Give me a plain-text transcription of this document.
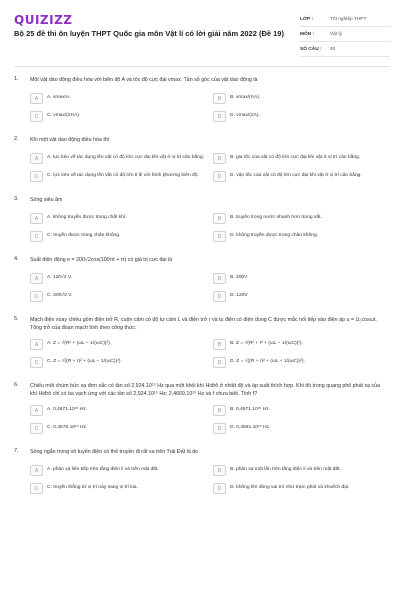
QUIZIZZ
Bộ 25 đề thi ôn luyện THPT Quốc gia môn Vật lí có lời giải năm 2022 (Đề 19)
LỚP :	Tốt nghiệp THPT
MÔN :	Vật lý
SỐ CÂU :	40
1. Một vật dao động điều hòa với biên độ A và tốc độ cực đại vmax. Tần số góc của vật dao động là
A	A. vmax/A.	B	B. vmax/(πA).
C	C. vmax/(2πA).	D	D. vmax/(2A).
2. Khi một vật dao động điều hòa thì
A	A. lực kéo về tác dụng lên vật có độ lớn cực đại khi vật ở vị trí cân bằng.	B	B. gia tốc của vật có độ lớn cực đại khi vật ở vị trí cân bằng.
C	C. lực kéo về tác dụng lên vật có độ lớn tỉ lệ với bình phương biên độ.	D	D. vận tốc của vật có độ lớn cực đại khi vật ở vị trí cân bằng.
3. Sóng siêu âm
A	A. không truyền được trong chất khí.	B	B. truyền trong nước nhanh hơn trong sắt.
C	C. truyền được trong chân không.	D	D. không truyền được trong chân không.
4. Suất điện động e = 200√2cos(100πt + π) có giá trị cực đại là
A	A. 120√2 V.	B	B. 200V
C	C. 200√2 V.	D	D. 120V
5. Mạch điện xoay chiều gồm điện trở R, cuộn cảm có độ tự cảm L và điện trở r và tụ điện có điện dung C được mắc nối tiếp vào điện áp u = U₀cosωt. Tổng trở của đoạn mạch tính theo công thức:
A	A. Z = √(R² + (ωL − 1/(ωC))²).	B	B. Z = √(R² + r² + (ωL − 1/(ωC))²).
C	C. Z = √((R + r)² + (ωL − 1/(ωC))²).	D	D. Z = √((R + r)² + (ωL + 1/(ωC))²).
6. Chiếu một chùm bức xạ đơn sắc có tần số 2,924.10¹⁵ Hz qua một khối khí Hiđrô ở nhiệt độ và áp suất thích hợp. Khi đó trong quang phổ phát xạ của khí Hiđrô chỉ có ba vạch ứng với các tần số 2,924.10¹⁵ Hz; 2,4669.10¹⁵ Hz và f chưa biết. Tính f?
A	A. 0,4671.10¹⁵ Hz.	B	B. 0,4571.10¹⁵ Hz.
C	C. 0,4576.10¹⁵ Hz.	D	D. 0,4581.10¹⁵ Hz.
7. Sóng ngắn trong vô tuyến điện có thể truyền đi rất xa trên Trái Đất là do
A	A. phản xạ liên tiếp trên tầng điện li và trên mặt đất.	B	B. phản xạ một lần trên tầng điện li và trên mặt đất.
C	C. truyền thẳng từ vị trí này sang vị trí kia.	D	D. không khí đóng vai trò như trạm phát và khuếch đại.
